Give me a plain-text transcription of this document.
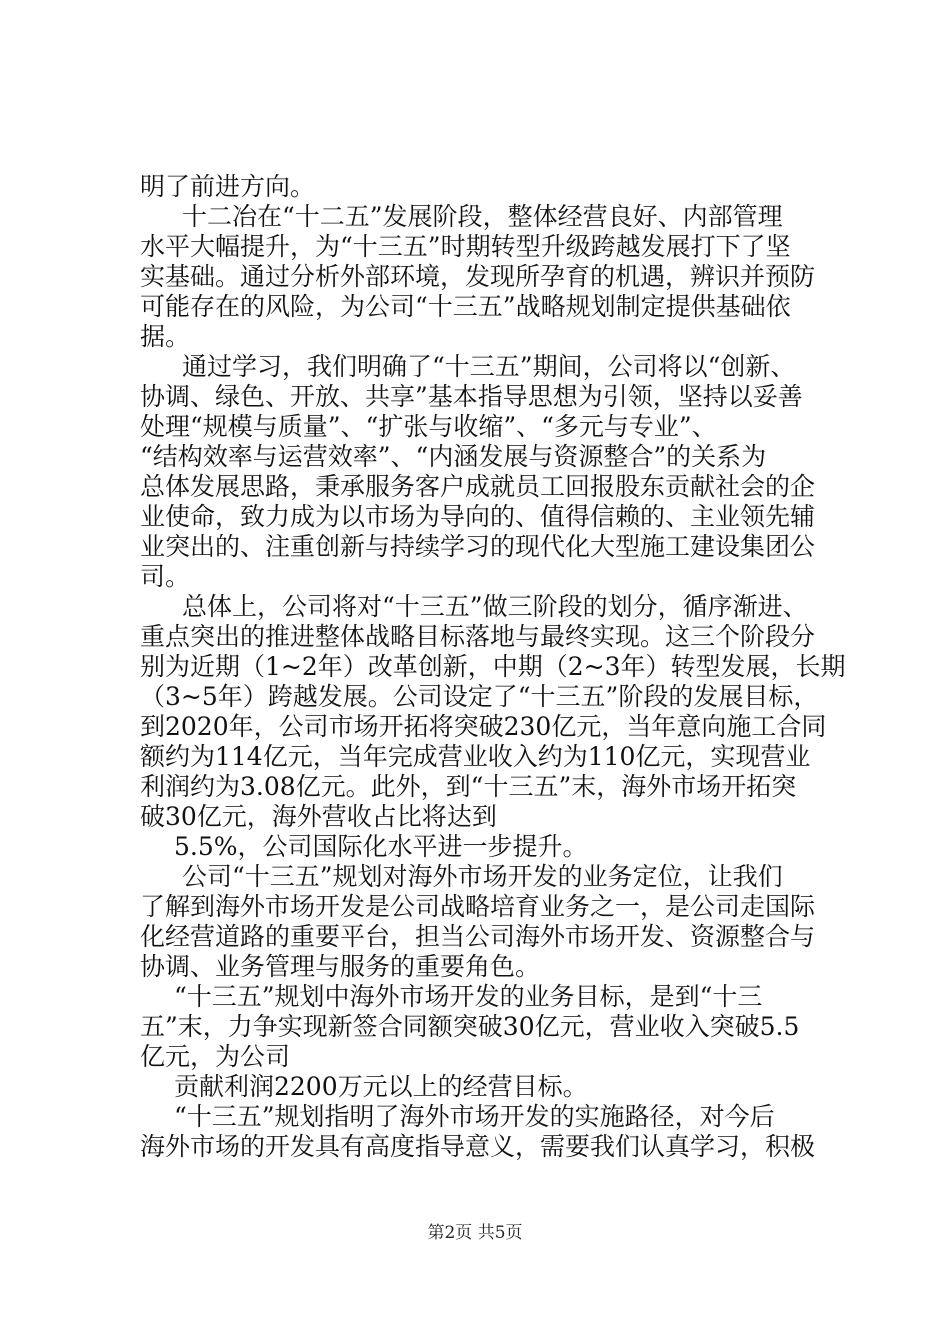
明了前进方向。
十二冶在“十二五”发展阶段，整体经营良好、内部管理
水平大幅提升，为“十三五”时期转型升级跨越发展打下了坚
实基础。通过分析外部环境，发现所孕育的机遇，辨识并预防
可能存在的风险，为公司“十三五”战略规划制定提供基础依
据。
通过学习，我们明确了“十三五”期间，公司将以“创新、
协调、绿色、开放、共享”基本指导思想为引领，坚持以妥善
处理“规模与质量”、“扩张与收缩”、“多元与专业”、
“结构效率与运营效率”、“内涵发展与资源整合”的关系为
总体发展思路，秉承服务客户成就员工回报股东贡献社会的企
业使命，致力成为以市场为导向的、值得信赖的、主业领先辅
业突出的、注重创新与持续学习的现代化大型施工建设集团公
司。
总体上，公司将对“十三五”做三阶段的划分，循序渐进、
重点突出的推进整体战略目标落地与最终实现。这三个阶段分
别为近期（1~2年）改革创新，中期（2~3年）转型发展，长期
（3~5年）跨越发展。公司设定了“十三五”阶段的发展目标，
到2020年，公司市场开拓将突破230亿元，当年意向施工合同
额约为114亿元，当年完成营业收入约为110亿元，实现营业
利润约为3.08亿元。此外，到“十三五”末，海外市场开拓突
破30亿元，海外营收占比将达到
5.5%，公司国际化水平进一步提升。
公司“十三五”规划对海外市场开发的业务定位，让我们
了解到海外市场开发是公司战略培育业务之一，是公司走国际
化经营道路的重要平台，担当公司海外市场开发、资源整合与
协调、业务管理与服务的重要角色。
“十三五”规划中海外市场开发的业务目标，是到“十三
五”末，力争实现新签合同额突破30亿元，营业收入突破5.5
亿元，为公司
贡献利润2200万元以上的经营目标。
“十三五”规划指明了海外市场开发的实施路径，对今后
海外市场的开发具有高度指导意义，需要我们认真学习，积极
第2页 共5页
